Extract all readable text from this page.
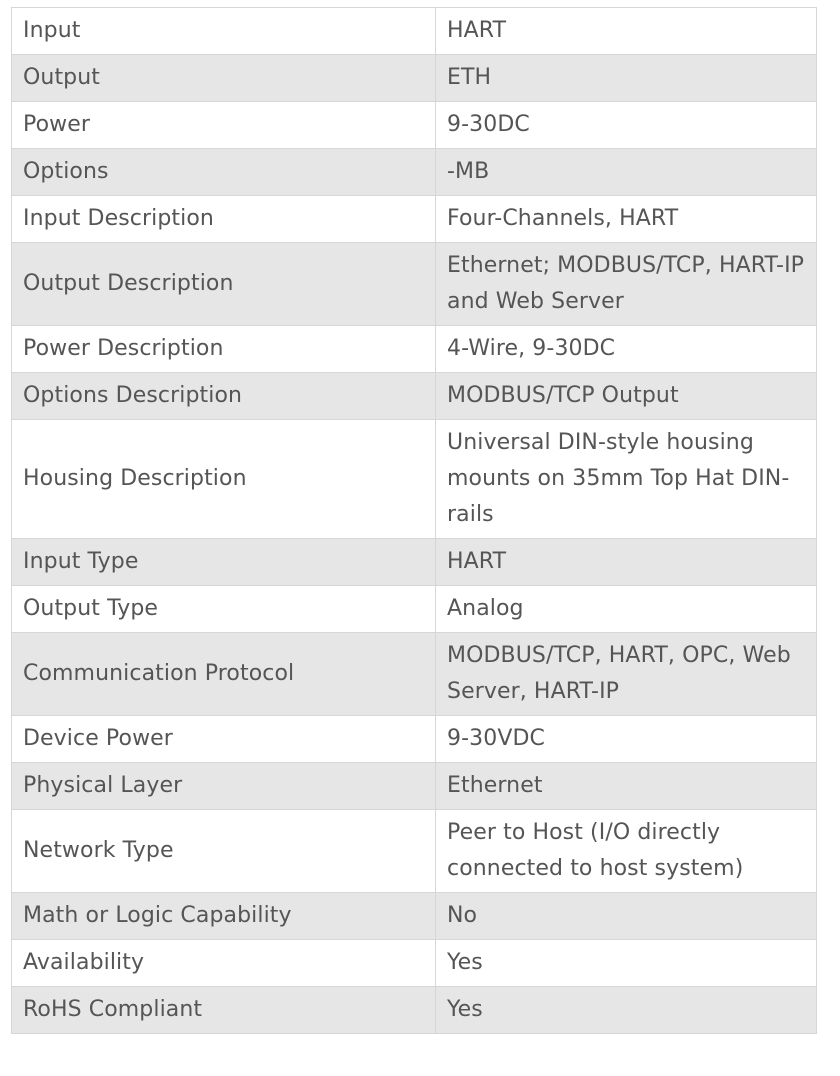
Input	HART
Output	ETH
Power	9-30DC
Options	-MB
Input Description	Four-Channels, HART
Output Description	Ethernet; MODBUS/TCP, HART-IP and Web Server
Power Description	4-Wire, 9-30DC
Options Description	MODBUS/TCP Output
Housing Description	Universal DIN-style housing mounts on 35mm Top Hat DIN-rails
Input Type	HART
Output Type	Analog
Communication Protocol	MODBUS/TCP, HART, OPC, Web Server, HART-IP
Device Power	9-30VDC
Physical Layer	Ethernet
Network Type	Peer to Host (I/O directly connected to host system)
Math or Logic Capability	No
Availability	Yes
RoHS Compliant	Yes
